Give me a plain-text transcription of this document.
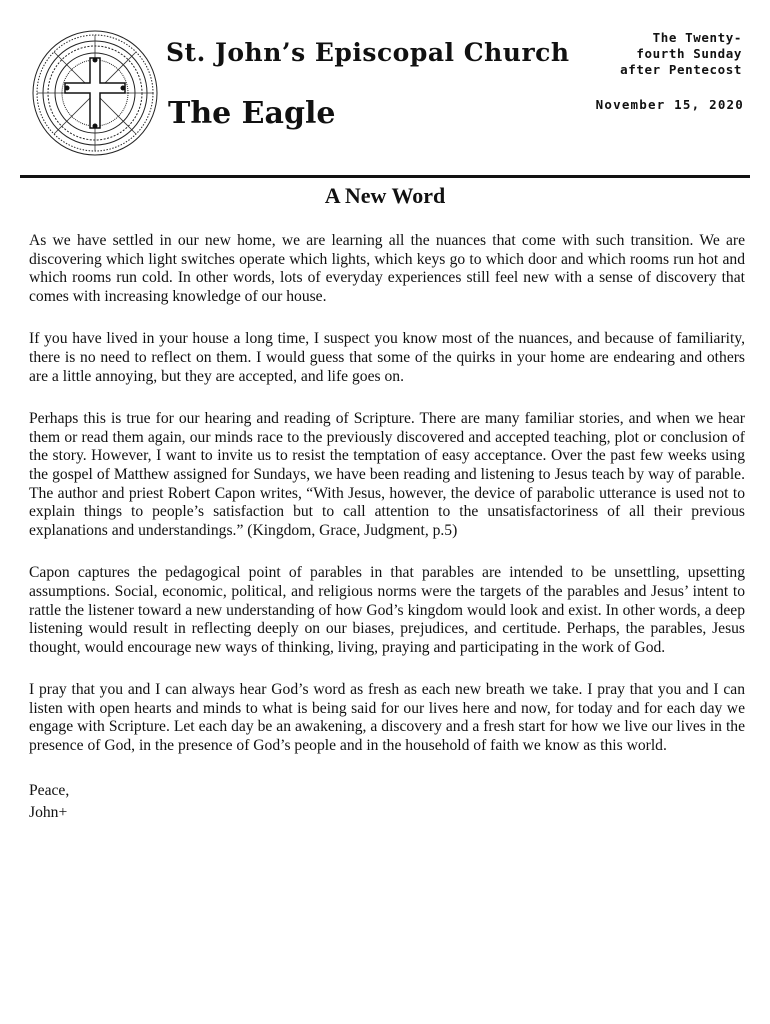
St. John’s Episcopal Church
The Eagle
The Twenty-
fourth Sunday
after Pentecost
November 15, 2020
A New Word

As we have settled in our new home, we are learning all the nuances that come with such transition. We are discovering which light switches operate which lights, which keys go to which door and which rooms run hot and which rooms run cold. In other words, lots of everyday experiences still feel new with a sense of discovery that comes with increasing knowledge of our house.

If you have lived in your house a long time, I suspect you know most of the nuances, and because of familiarity, there is no need to reflect on them. I would guess that some of the quirks in your home are endearing and others are a little annoying, but they are accepted, and life goes on.

Perhaps this is true for our hearing and reading of Scripture. There are many familiar stories, and when we hear them or read them again, our minds race to the previously discovered and accepted teaching, plot or conclusion of the story. However, I want to invite us to resist the temptation of easy acceptance. Over the past few weeks using the gospel of Matthew assigned for Sundays, we have been reading and listening to Jesus teach by way of parable. The author and priest Robert Capon writes, “With Jesus, however, the device of parabolic utterance is used not to explain things to people’s satisfaction but to call attention to the unsatisfactoriness of all their previous explanations and understandings.” (Kingdom, Grace, Judgment, p.5)

Capon captures the pedagogical point of parables in that parables are intended to be unsettling, upsetting assumptions. Social, economic, political, and religious norms were the targets of the parables and Jesus’ intent to rattle the listener toward a new understanding of how God’s kingdom would look and exist. In other words, a deep listening would result in reflecting deeply on our biases, prejudices, and certitude. Perhaps, the parables, Jesus thought, would encourage new ways of thinking, living, praying and participating in the work of God.

I pray that you and I can always hear God’s word as fresh as each new breath we take. I pray that you and I can listen with open hearts and minds to what is being said for our lives here and now, for today and for each day we engage with Scripture. Let each day be an awakening, a discovery and a fresh start for how we live our lives in the presence of God, in the presence of God’s people and in the household of faith we know as this world.

Peace,
John+
